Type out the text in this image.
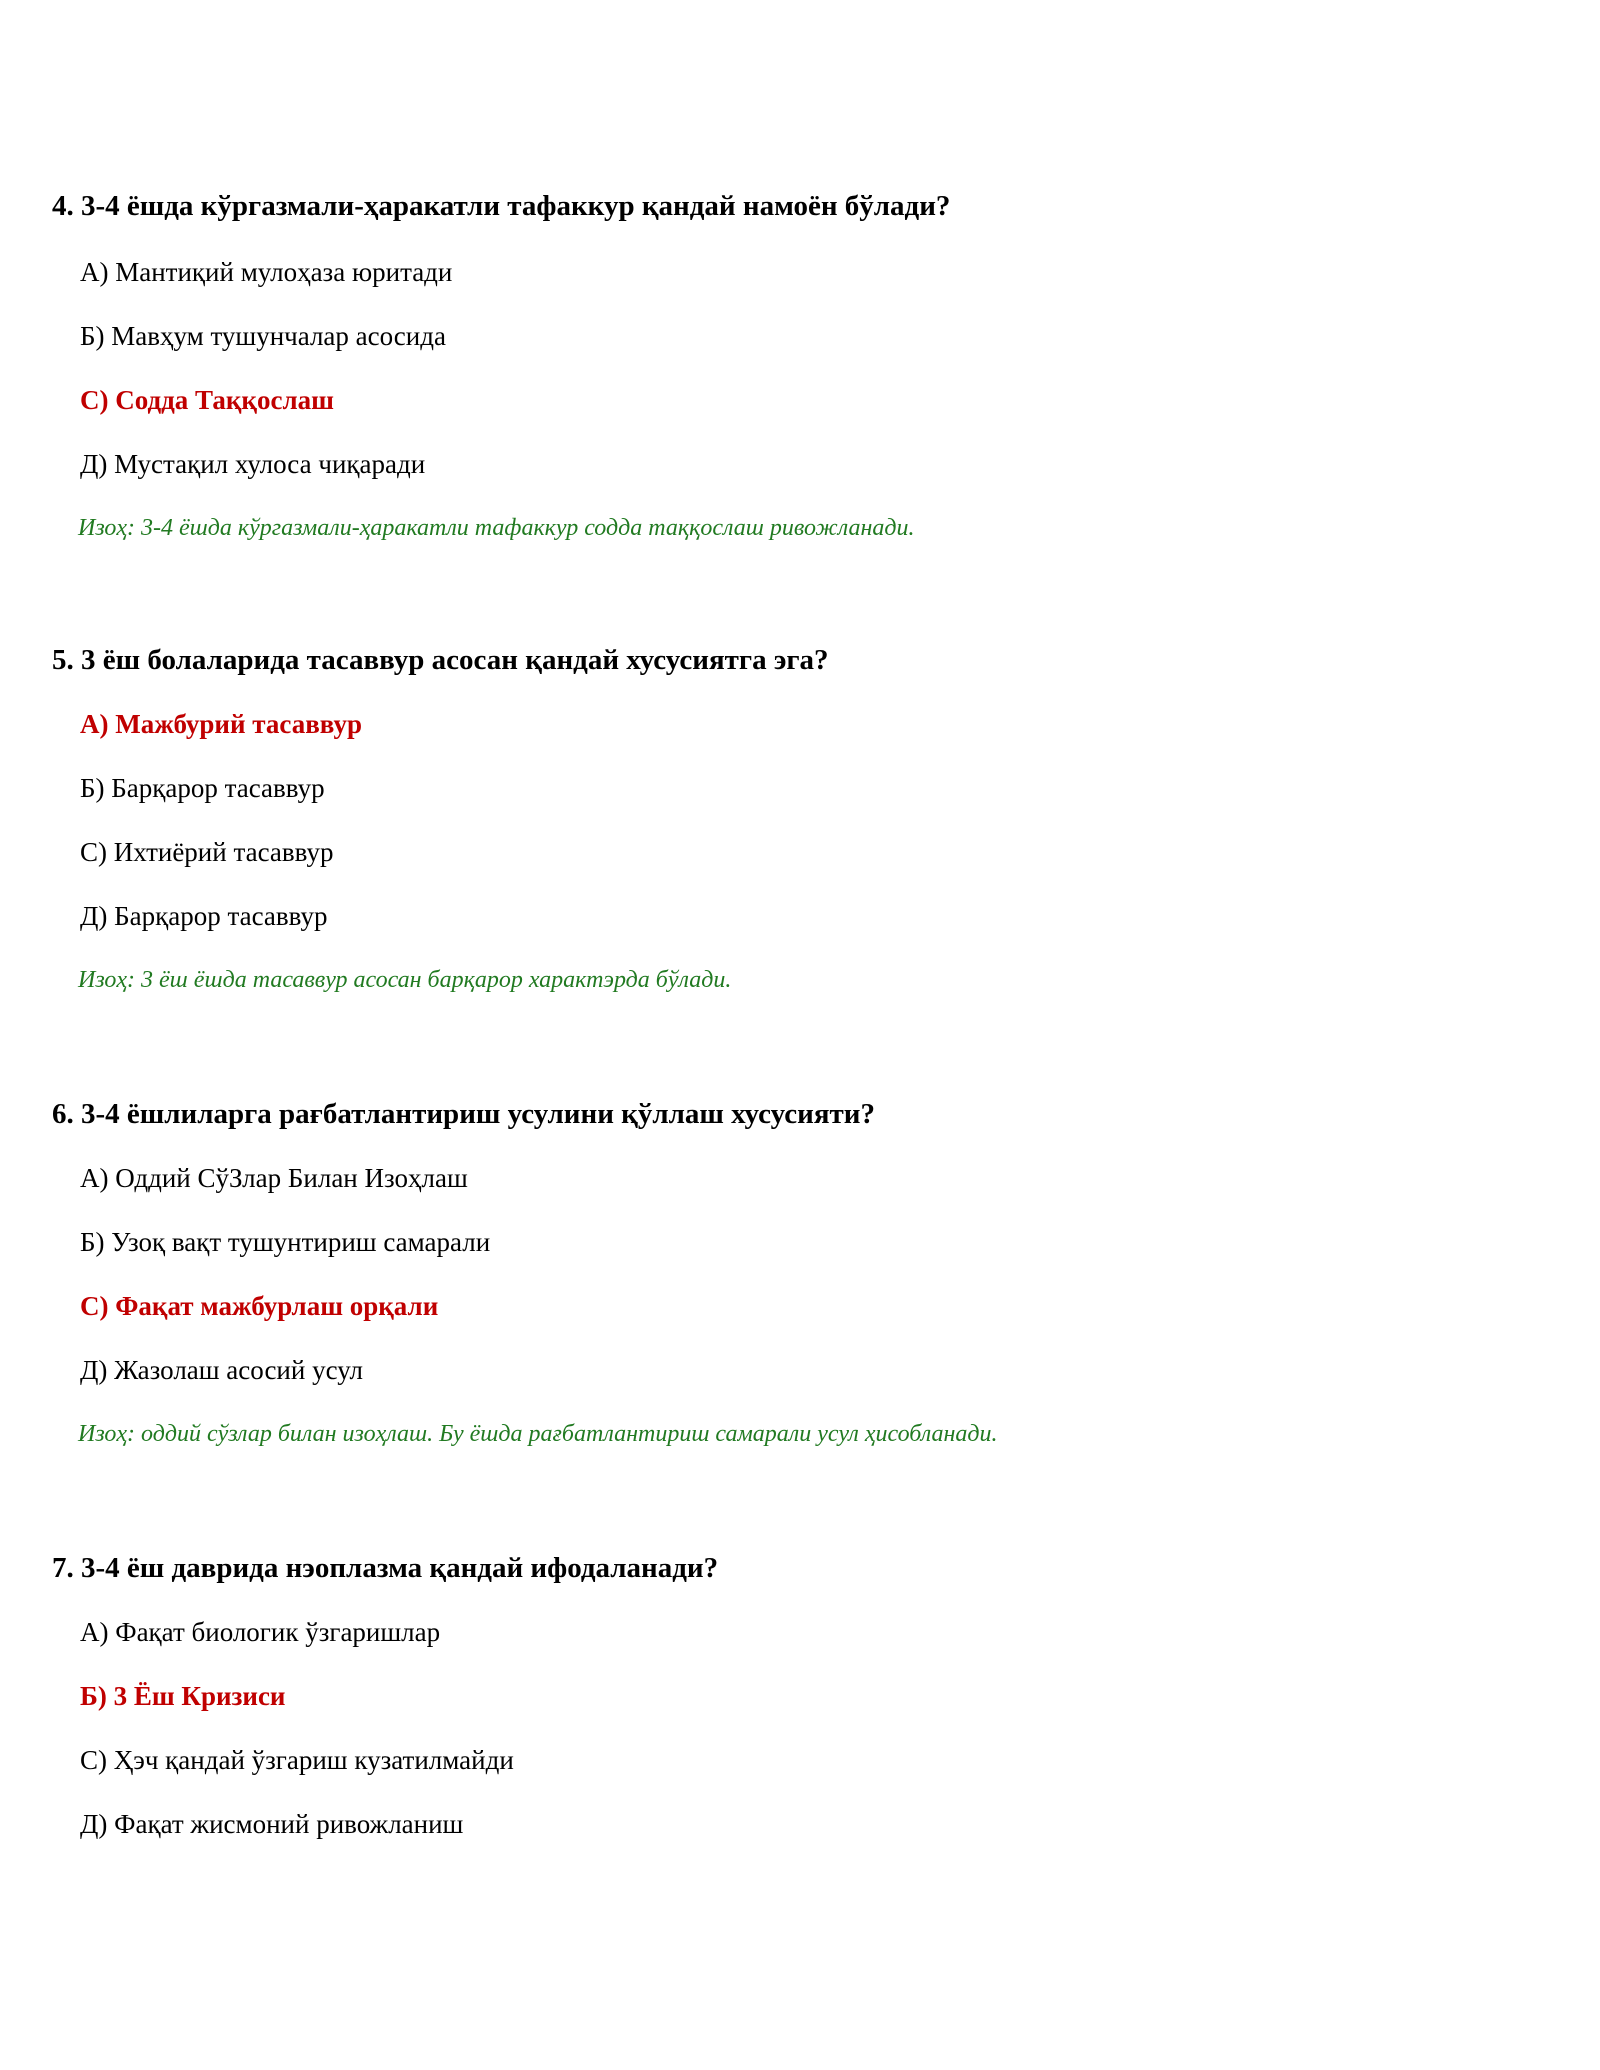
4. 3-4 ёшда кўргазмали-ҳаракатли тафаккур қандай намоён бўлади?
А) Мантиқий мулоҳаза юритади
Б) Мавҳум тушунчалар асосида
С) Содда Таққослаш
Д) Мустақил хулоса чиқаради
Изоҳ: 3-4 ёшда кўргазмали-ҳаракатли тафаккур содда таққослаш ривожланади.
5. 3 ёш болаларида тасаввур асосан қандай хусусиятга эга?
А) Мажбурий тасаввур
Б) Барқарор тасаввур
С) Ихтиёрий тасаввур
Д) Барқарор тасаввур
Изоҳ: 3 ёш ёшда тасаввур асосан барқарор характэрда бўлади.
6. 3-4 ёшлиларга рағбатлантириш усулини қўллаш хусусияти?
А) Оддий СўЗлар Билан Изоҳлаш
Б) Узоқ вақт тушунтириш самарали
С) Фақат мажбурлаш орқали
Д) Жазолаш асосий усул
Изоҳ: оддий сўзлар билан изоҳлаш. Бу ёшда рағбатлантириш самарали усул ҳисобланади.
7. 3-4 ёш даврида нэоплазма қандай ифодаланади?
А) Фақат биологик ўзгаришлар
Б) 3 Ёш Кризиси
С) Ҳэч қандай ўзгариш кузатилмайди
Д) Фақат жисмоний ривожланиш
